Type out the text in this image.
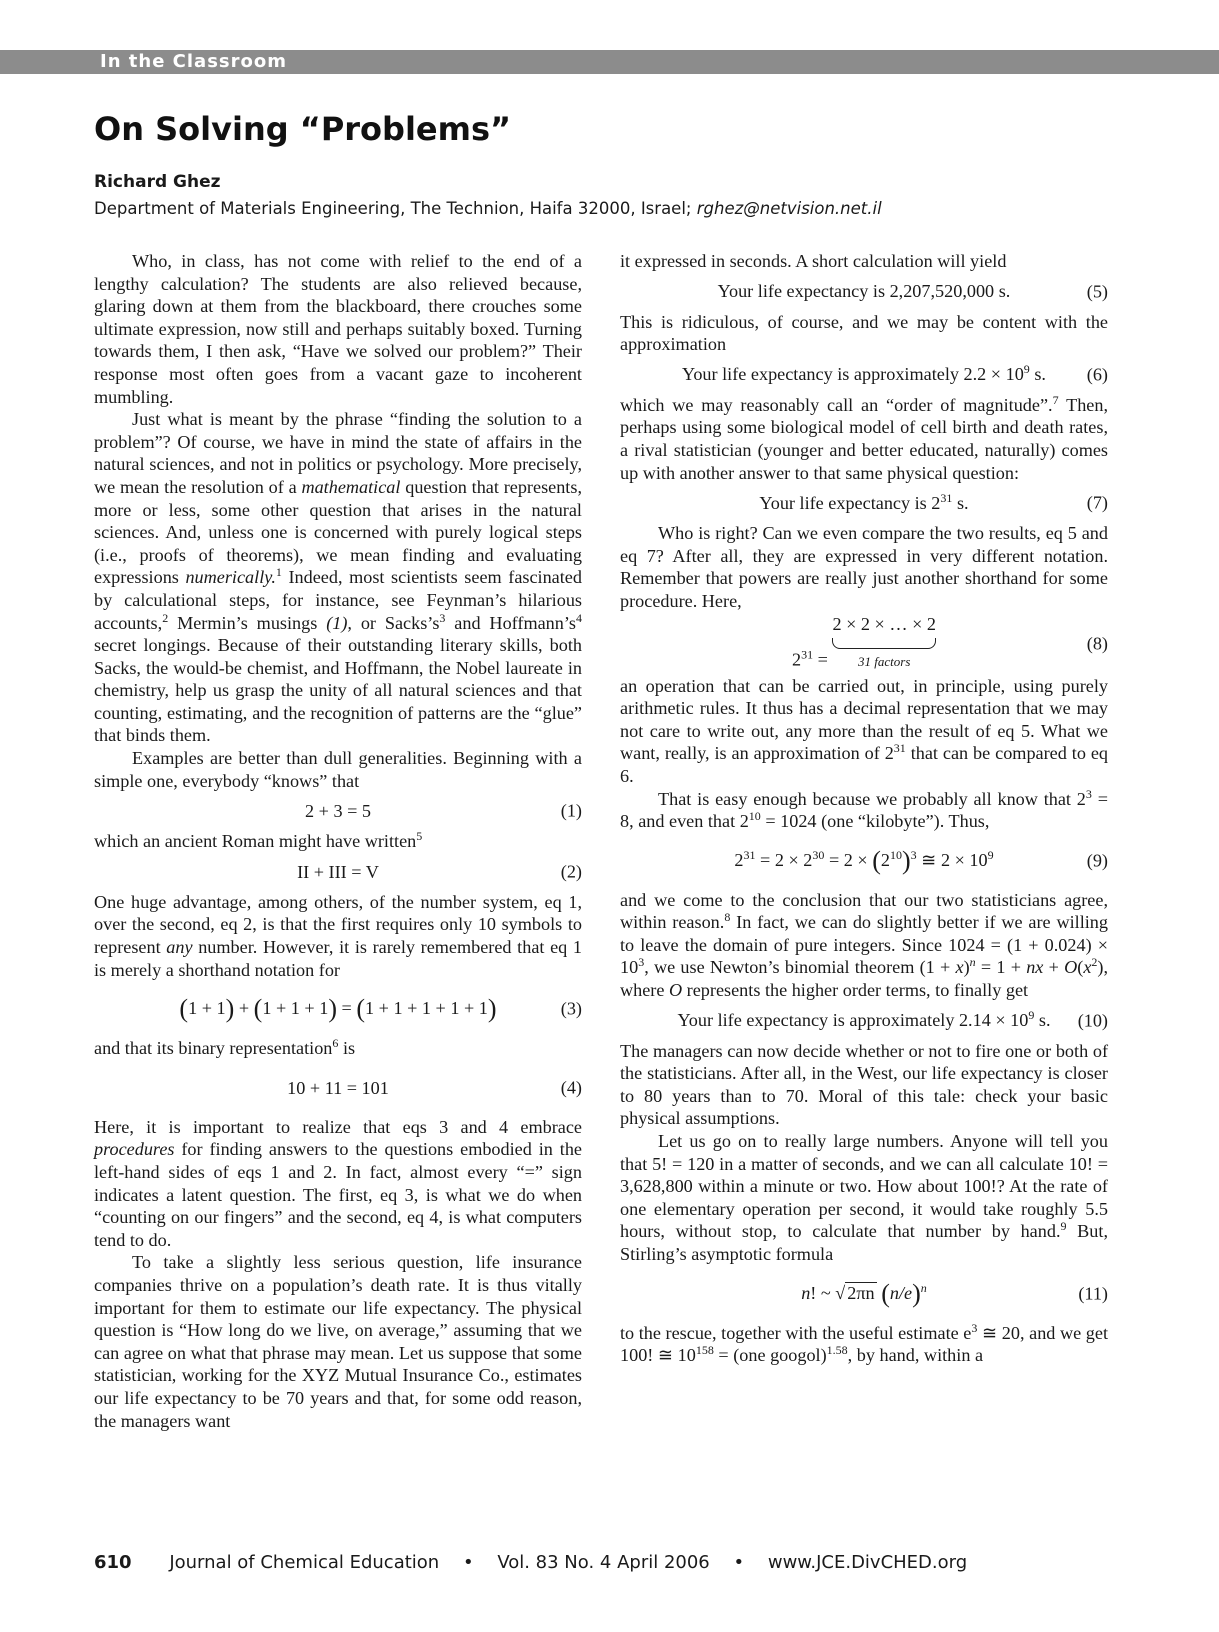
In the Classroom
On Solving “Problems”
Richard Ghez
Department of Materials Engineering, The Technion, Haifa 32000, Israel; rghez@netvision.net.il

Who, in class, has not come with relief to the end of a lengthy calculation? The students are also relieved because, glaring down at them from the blackboard, there crouches some ultimate expression, now still and perhaps suitably boxed. Turning towards them, I then ask, “Have we solved our problem?” Their response most often goes from a vacant gaze to incoherent mumbling.

Just what is meant by the phrase “finding the solution to a problem”? Of course, we have in mind the state of affairs in the natural sciences, and not in politics or psychology. More precisely, we mean the resolution of a mathematical question that represents, more or less, some other question that arises in the natural sciences. And, unless one is concerned with purely logical steps (i.e., proofs of theorems), we mean finding and evaluating expressions numerically.$^1$ Indeed, most scientists seem fascinated by calculational steps, for instance, see Feynman’s hilarious accounts,$^2$ Mermin’s musings (1), or $Sacks’s^3$ and $Hoffmann’s^4$ secret longings. Because of their outstanding literary skills, both Sacks, the would-be chemist, and Hoffmann, the Nobel laureate in chemistry, help us grasp the unity of all natural sciences and that counting, estimating, and the recognition of patterns are the “glue” that binds them.

Examples are better than dull generalities. Beginning with a simple one, everybody “knows” that

2 + 3 = 5	(1)

which an ancient Roman might have written$^5$

II + III = V	(2)

One huge advantage, among others, of the number system, eq 1, over the second, eq 2, is that the first requires only 10 symbols to represent any number. However, it is rarely remembered that eq 1 is merely a shorthand notation for

(1 + 1) + (1 + 1 + 1) = (1 + 1 + 1 + 1 + 1)	(3)

and that its binary representation$^6$ is

10 + 11 = 101	(4)

Here, it is important to realize that eqs 3 and 4 embrace procedures for finding answers to the questions embodied in the left-hand sides of eqs 1 and 2. In fact, almost every “=” sign indicates a latent question. The first, eq 3, is what we do when “counting on our fingers” and the second, eq 4, is what computers tend to do.

To take a slightly less serious question, life insurance companies thrive on a population’s death rate. It is thus vitally important for them to estimate our life expectancy. The physical question is “How long do we live, on average,” assuming that we can agree on what that phrase may mean. Let us suppose that some statistician, working for the XYZ Mutual Insurance Co., estimates our life expectancy to be 70 years and that, for some odd reason, the managers want

it expressed in seconds. A short calculation will yield

Your life expectancy is 2,207,520,000 s.	(5)

This is ridiculous, of course, and we may be content with the approximation

Your life expectancy is approximately $2.2 \times 10^9$ s. (6)

which we may reasonably call an “order of magnitude”.$^7$ Then, perhaps using some biological model of cell birth and death rates, a rival statistician (younger and better educated, naturally) comes up with another answer to that same physical question:

Your life expectancy is $2^{31}$ s.	(7)

Who is right? Can we even compare the two results, eq 5 and eq 7? After all, they are expressed in very different notation. Remember that powers are really just another shorthand for some procedure. Here,

$2^{31} = 2 \times 2$ × … × 2
31 factors
(8)

an operation that can be carried out, in principle, using purely arithmetic rules. It thus has a decimal representation that we may not care to write out, any more than the result of eq 5. What we want, really, is an approximation of $2^{31}$ that can be compared to eq 6.

That is easy enough because we probably all know that $2^3 = 8$, and even that $2^{10} = 1024$ (one “kilobyte”). Thus,

$2^{31} = 2 \times 2^{30} = 2 \times (2^{10})^3$ ≅ $2 \times 10^9$	(9)

and we come to the conclusion that our two statisticians agree, within reason.$^8$ In fact, we can do slightly better if we are willing to leave the domain of pure integers. Since $1024 = (1 + 0.024) \times 10^3$, we use Newton’s binomial theorem $(1 + x)^n = 1$ + nx + $O(x^2)$, where O represents the higher order terms, to finally get

Your life expectancy is approximately $2.14 \times 10^9$ s. (10)

The managers can now decide whether or not to fire one or both of the statisticians. After all, in the West, our life expectancy is closer to 80 years than to 70. Moral of this tale: check your basic physical assumptions.

Let us go on to really large numbers. Anyone will tell you that 5! = 120 in a matter of seconds, and we can all calculate 10! = 3,628,800 within a minute or two. How about 100!? At the rate of one elementary operation per second, it would take roughly 5.5 hours, without stop, to calculate that number by hand.$^9$ But, Stirling’s asymptotic formula

n! ~ √ 2πn $(n/e)^n$	(11)

to the rescue, together with the useful estimate $e^3$ ≅ 20, and we get 100! ≅ $10^{158} = (one$ googol)$^{1.58}$, by hand, within a

610 Journal of Chemical Education • Vol. 83 No. 4 April 2006 • www.JCE.DivCHED.org
